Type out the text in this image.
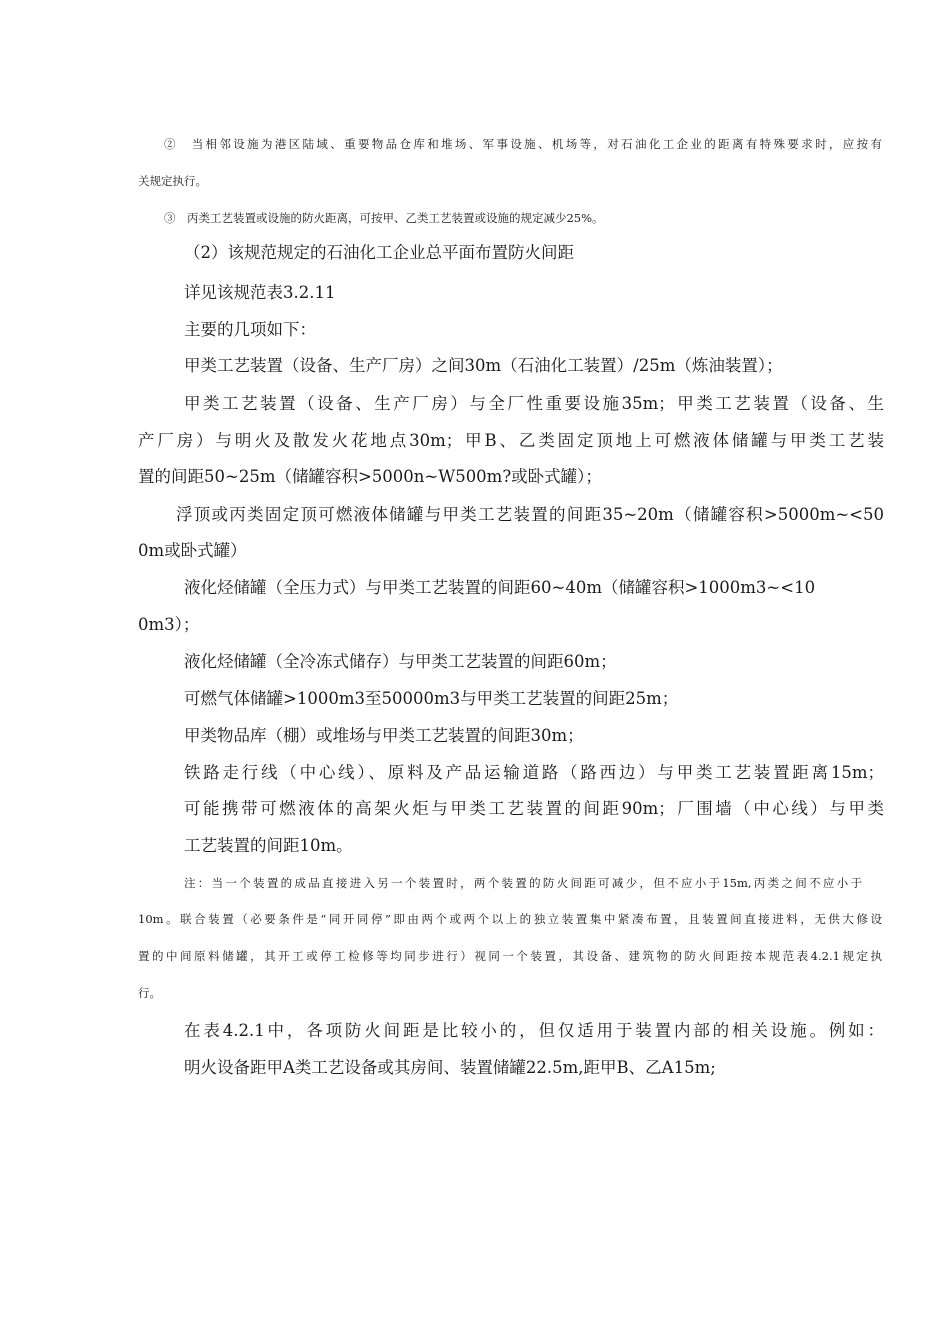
②　当相邻设施为港区陆域、重要物品仓库和堆场、军事设施、机场等，对石油化工企业的距离有特殊要求时，应按有
关规定执行。
③　丙类工艺装置或设施的防火距离，可按甲、乙类工艺装置或设施的规定减少25%。
（2）该规范规定的石油化工企业总平面布置防火间距
详见该规范表3.2.11
主要的几项如下：
甲类工艺装置（设备、生产厂房）之间30m（石油化工装置）/25m（炼油装置）；
甲类工艺装置（设备、生产厂房）与全厂性重要设施35m；甲类工艺装置（设备、生
产厂房）与明火及散发火花地点30m；甲B、乙类固定顶地上可燃液体储罐与甲类工艺装
置的间距50~25m（储罐容积>5000n~W500m?或卧式罐）；
浮顶或丙类固定顶可燃液体储罐与甲类工艺装置的间距35~20m（储罐容积>5000m~<50
0m或卧式罐）
液化烃储罐（全压力式）与甲类工艺装置的间距60~40m（储罐容积>1000m3~<10
0m3）；
液化烃储罐（全冷冻式储存）与甲类工艺装置的间距60m；
可燃气体储罐>1000m3至50000m3与甲类工艺装置的间距25m；
甲类物品库（棚）或堆场与甲类工艺装置的间距30m；
铁路走行线（中心线）、原料及产品运输道路（路西边）与甲类工艺装置距离15m；
可能携带可燃液体的高架火炬与甲类工艺装置的间距90m；厂围墙（中心线）与甲类
工艺装置的间距10m。
注：当一个装置的成品直接进入另一个装置时，两个装置的防火间距可减少，但不应小于15m,丙类之间不应小于
10m。联合装置（必要条件是“同开同停”即由两个或两个以上的独立装置集中紧凑布置，且装置间直接进料，无供大修设
置的中间原料储罐，其开工或停工检修等均同步进行）视同一个装置，其设备、建筑物的防火间距按本规范表4.2.1规定执
行。
在表4.2.1中，各项防火间距是比较小的，但仅适用于装置内部的相关设施。例如：
明火设备距甲A类工艺设备或其房间、装置储罐22.5m,距甲B、乙A15m;
